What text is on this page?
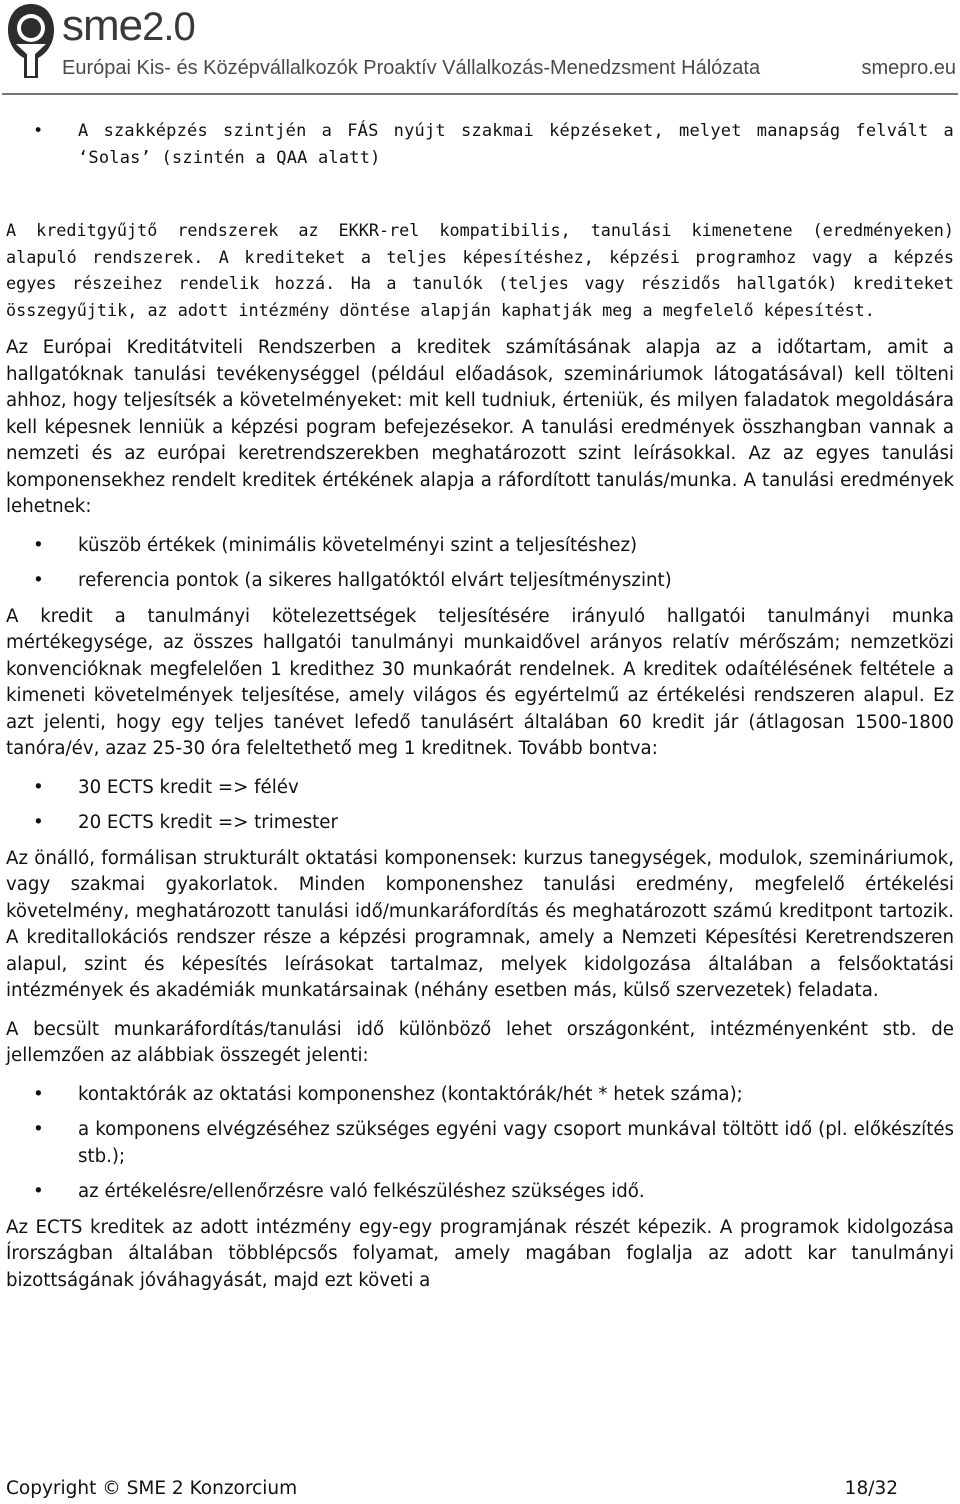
sme2.0
Európai Kis- és Középvállalkozók Proaktív Vállalkozás-Menedzsment Hálózata	smepro.eu
• A szakképzés szintjén a FÁS nyújt szakmai képzéseket, melyet manapság felvált a ‘Solas’ (szintén a QAA alatt)

A kreditgyűjtő rendszerek az EKKR-rel kompatibilis, tanulási kimenetene (eredményeken) alapuló rendszerek. A krediteket a teljes képesítéshez, képzési programhoz vagy a képzés egyes részeihez rendelik hozzá. Ha a tanulók (teljes vagy részidős hallgatók) krediteket összegyűjtik, az adott intézmény döntése alapján kaphatják meg a megfelelő képesítést.

Az Európai Kreditátviteli Rendszerben a kreditek számításának alapja az a időtartam, amit a hallgatóknak tanulási tevékenységgel (például előadások, szemináriumok látogatásával) kell tölteni ahhoz, hogy teljesítsék a követelményeket: mit kell tudniuk, érteniük, és milyen faladatok megoldására kell képesnek lenniük a képzési pogram befejezésekor. A tanulási eredmények összhangban vannak a nemzeti és az európai keretrendszerekben meghatározott szint leírásokkal. Az az egyes tanulási komponensekhez rendelt kreditek értékének alapja a ráfordított tanulás/munka. A tanulási eredmények lehetnek:

• küszöb értékek (minimális követelményi szint a teljesítéshez)
• referencia pontok (a sikeres hallgatóktól elvárt teljesítményszint)

A kredit a tanulmányi kötelezettségek teljesítésére irányuló hallgatói tanulmányi munka mértékegysége, az összes hallgatói tanulmányi munkaidővel arányos relatív mérőszám; nemzetközi konvencióknak megfelelően 1 kredithez 30 munkaórát rendelnek. A kreditek odaítélésének feltétele a kimeneti követelmények teljesítése, amely világos és egyértelmű az értékelési rendszeren alapul. Ez azt jelenti, hogy egy teljes tanévet lefedő tanulásért általában 60 kredit jár (átlagosan 1500-1800 tanóra/év, azaz 25-30 óra feleltethető meg 1 kreditnek. Tovább bontva:

• 30 ECTS kredit => félév
• 20 ECTS kredit => trimester

Az önálló, formálisan strukturált oktatási komponensek: kurzus tanegységek, modulok, szemináriumok, vagy szakmai gyakorlatok. Minden komponenshez tanulási eredmény, megfelelő értékelési követelmény, meghatározott tanulási idő/munkaráfordítás és meghatározott számú kreditpont tartozik. A kreditallokációs rendszer része a képzési programnak, amely a Nemzeti Képesítési Keretrendszeren alapul, szint és képesítés leírásokat tartalmaz, melyek kidolgozása általában a felsőoktatási intézmények és akadémiák munkatársainak (néhány esetben más, külső szervezetek) feladata.

A becsült munkaráfordítás/tanulási idő különböző lehet országonként, intézményenként stb. de jellemzően az alábbiak összegét jelenti:

• kontaktórák az oktatási komponenshez (kontaktórák/hét * hetek száma);
• a komponens elvégzéséhez szükséges egyéni vagy csoport munkával töltött idő (pl. előkészítés stb.);
• az értékelésre/ellenőrzésre való felkészüléshez szükséges idő.

Az ECTS kreditek az adott intézmény egy-egy programjának részét képezik. A programok kidolgozása Írországban általában többlépcsős folyamat, amely magában foglalja az adott kar tanulmányi bizottságának jóváhagyását, majd ezt követi a

Copyright © SME 2 Konzorcium	18/32
